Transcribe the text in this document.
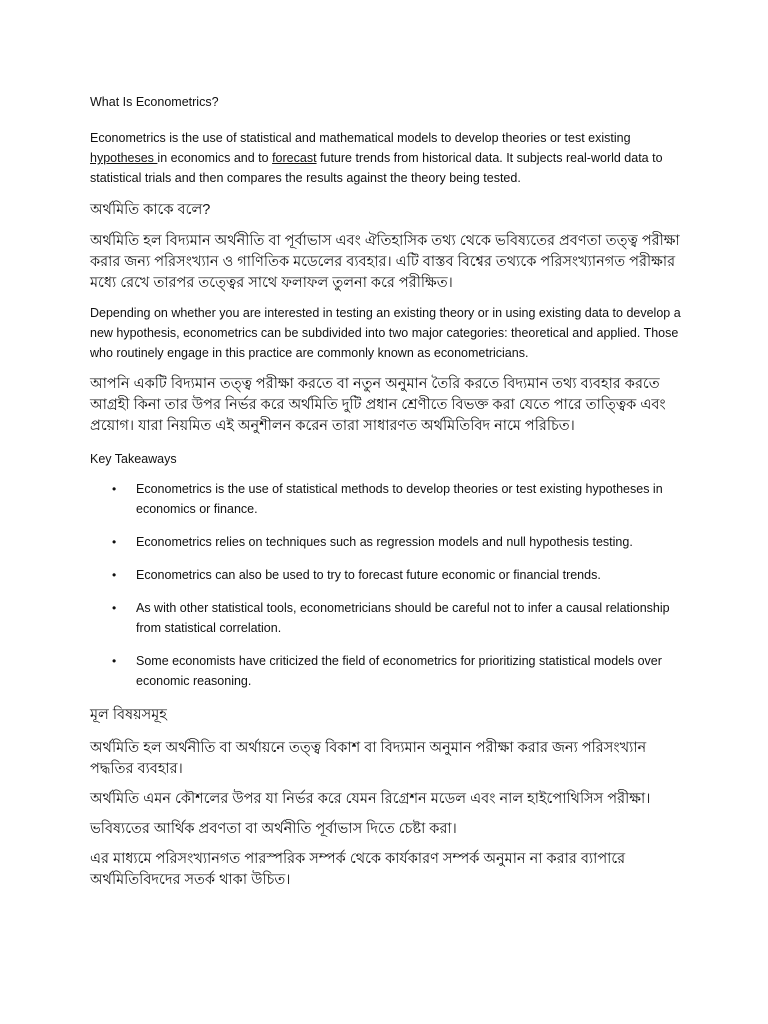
What Is Econometrics?

Econometrics is the use of statistical and mathematical models to develop theories or test existing hypotheses in economics and to forecast future trends from historical data. It subjects real-world data to statistical trials and then compares the results against the theory being tested.

অর্থমিতি কাকে বলে?

অর্থমিতি হল বিদ্যমান অর্থনীতি বা পূর্বাভাস এবং ঐতিহাসিক তথ্য থেকে ভবিষ্যতের প্রবণতা তত্ত্ব পরীক্ষা করার জন্য পরিসংখ্যান ও গাণিতিক মডেলের ব্যবহার। এটি বাস্তব বিশ্বের তথ্যকে পরিসংখ্যানগত পরীক্ষার মধ্যে রেখে তারপর তত্ত্বের সাথে ফলাফল তুলনা করে পরীক্ষিত।

Depending on whether you are interested in testing an existing theory or in using existing data to develop a new hypothesis, econometrics can be subdivided into two major categories: theoretical and applied. Those who routinely engage in this practice are commonly known as econometricians.

আপনি একটি বিদ্যমান তত্ত্ব পরীক্ষা করতে বা নতুন অনুমান তৈরি করতে বিদ্যমান তথ্য ব্যবহার করতে আগ্রহী কিনা তার উপর নির্ভর করে অর্থমিতি দুটি প্রধান শ্রেণীতে বিভক্ত করা যেতে পারে তাত্ত্বিক এবং প্রয়োগ। যারা নিয়মিত এই অনুশীলন করেন তারা সাধারণত অর্থমিতিবিদ নামে পরিচিত।

Key Takeaways
• Econometrics is the use of statistical methods to develop theories or test existing hypotheses in economics or finance.
• Econometrics relies on techniques such as regression models and null hypothesis testing.
• Econometrics can also be used to try to forecast future economic or financial trends.
• As with other statistical tools, econometricians should be careful not to infer a causal relationship from statistical correlation.
• Some economists have criticized the field of econometrics for prioritizing statistical models over economic reasoning.
মূল বিষয়সমূহ

অর্থমিতি হল অর্থনীতি বা অর্থায়নে তত্ত্ব বিকাশ বা বিদ্যমান অনুমান পরীক্ষা করার জন্য পরিসংখ্যান পদ্ধতির ব্যবহার।

অর্থমিতি এমন কৌশলের উপর যা নির্ভর করে যেমন রিগ্রেশন মডেল এবং নাল হাইপোথিসিস পরীক্ষা।

ভবিষ্যতের আর্থিক প্রবণতা বা অর্থনীতি পূর্বাভাস দিতে চেষ্টা করা।

এর মাধ্যমে পরিসংখ্যানগত পারস্পরিক সম্পর্ক থেকে কার্যকারণ সম্পর্ক অনুমান না করার ব্যাপারে অর্থমিতিবিদদের সতর্ক থাকা উচিত।
